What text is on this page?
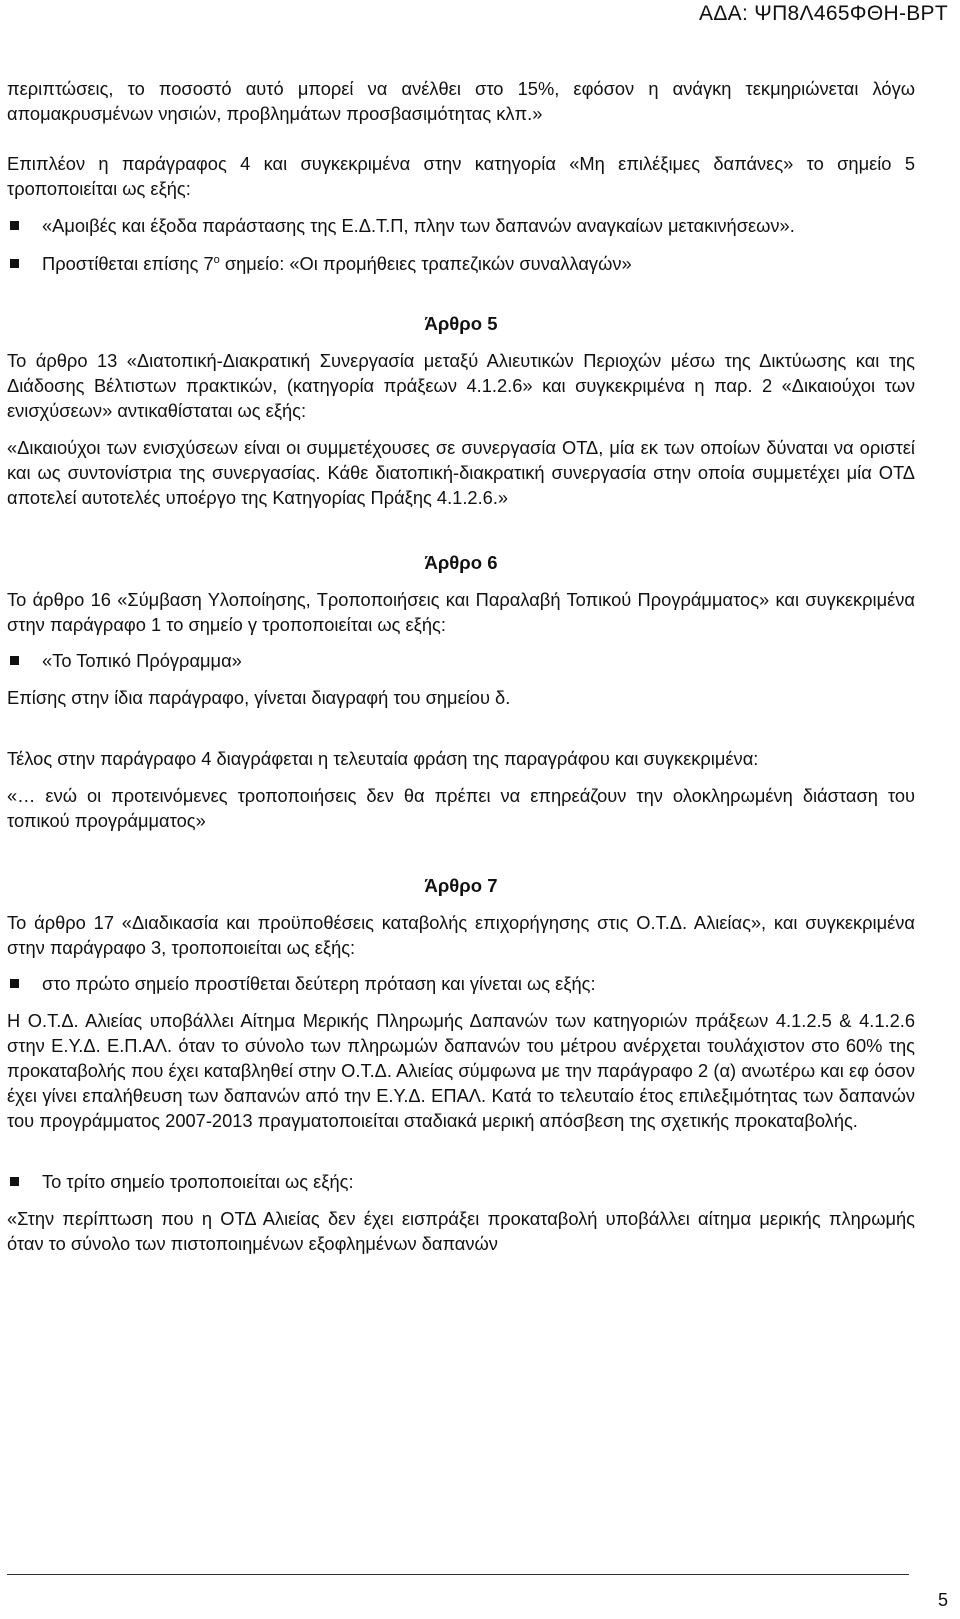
ΑΔΑ: ΨΠ8Λ465ΦΘΗ-ΒΡΤ

περιπτώσεις, το ποσοστό αυτό μπορεί να ανέλθει στο 15%, εφόσον η ανάγκη τεκμηριώνεται λόγω απομακρυσμένων νησιών, προβλημάτων προσβασιμότητας κλπ.»

Επιπλέον η παράγραφος 4 και συγκεκριμένα στην κατηγορία «Μη επιλέξιμες δαπάνες» το σημείο 5 τροποποιείται ως εξής:

«Αμοιβές και έξοδα παράστασης της Ε.Δ.Τ.Π, πλην των δαπανών αναγκαίων μετακινήσεων».

Προστίθεται επίσης $7^o$ σημείο: «Οι προμήθειες τραπεζικών συναλλαγών»

Άρθρο 5

Το άρθρο 13 «Διατοπική-Διακρατική Συνεργασία μεταξύ Αλιευτικών Περιοχών μέσω της Δικτύωσης και της Διάδοσης Βέλτιστων πρακτικών, (κατηγορία πράξεων 4.1.2.6» και συγκεκριμένα η παρ. 2 «Δικαιούχοι των ενισχύσεων» αντικαθίσταται ως εξής:

«Δικαιούχοι των ενισχύσεων είναι οι συμμετέχουσες σε συνεργασία ΟΤΔ, μία εκ των οποίων δύναται να οριστεί και ως συντονίστρια της συνεργασίας. Κάθε διατοπική-διακρατική συνεργασία στην οποία συμμετέχει μία ΟΤΔ αποτελεί αυτοτελές υποέργο της Κατηγορίας Πράξης 4.1.2.6.»

Άρθρο 6

Το άρθρο 16 «Σύμβαση Υλοποίησης, Τροποποιήσεις και Παραλαβή Τοπικού Προγράμματος» και συγκεκριμένα στην παράγραφο 1 το σημείο γ τροποποιείται ως εξής:

«Το Τοπικό Πρόγραμμα»

Επίσης στην ίδια παράγραφο, γίνεται διαγραφή του σημείου δ.

Τέλος στην παράγραφο 4 διαγράφεται η τελευταία φράση της παραγράφου και συγκεκριμένα:

«… ενώ οι προτεινόμενες τροποποιήσεις δεν θα πρέπει να επηρεάζουν την ολοκληρωμένη διάσταση του τοπικού προγράμματος»

Άρθρο 7

Το άρθρο 17 «Διαδικασία και προϋποθέσεις καταβολής επιχορήγησης στις Ο.Τ.Δ. Αλιείας», και συγκεκριμένα στην παράγραφο 3, τροποποιείται ως εξής:

στο πρώτο σημείο προστίθεται δεύτερη πρόταση και γίνεται ως εξής:

Η Ο.Τ.Δ. Αλιείας υποβάλλει Αίτημα Μερικής Πληρωμής Δαπανών των κατηγοριών πράξεων 4.1.2.5 & 4.1.2.6 στην Ε.Υ.Δ. Ε.Π.ΑΛ. όταν το σύνολο των πληρωμών δαπανών του μέτρου ανέρχεται τουλάχιστον στο 60% της προκαταβολής που έχει καταβληθεί στην Ο.Τ.Δ. Αλιείας σύμφωνα με την παράγραφο 2 (α) ανωτέρω και εφ όσον έχει γίνει επαλήθευση των δαπανών από την Ε.Υ.Δ. ΕΠΑΛ. Κατά το τελευταίο έτος επιλεξιμότητας των δαπανών του προγράμματος 2007-2013 πραγματοποιείται σταδιακά μερική απόσβεση της σχετικής προκαταβολής.

Το τρίτο σημείο τροποποιείται ως εξής:

«Στην περίπτωση που η ΟΤΔ Αλιείας δεν έχει εισπράξει προκαταβολή υποβάλλει αίτημα μερικής πληρωμής όταν το σύνολο των πιστοποιημένων εξοφλημένων δαπανών

5
